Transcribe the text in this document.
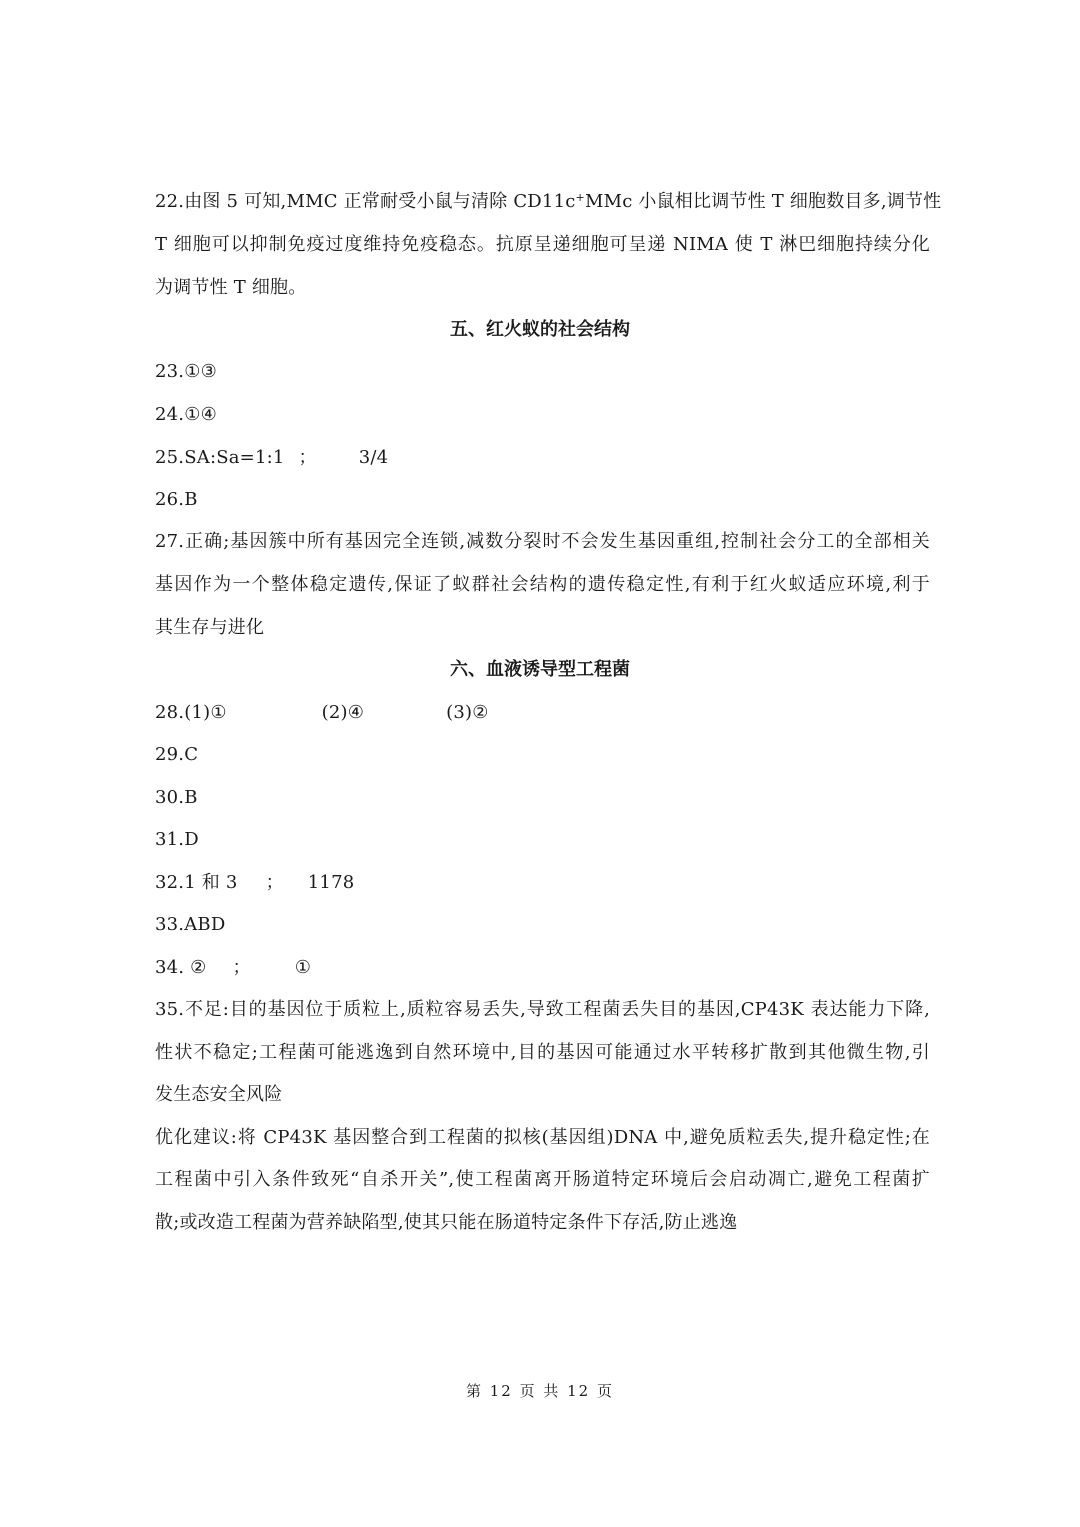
22.由图 5 可知,MMC 正常耐受小鼠与清除 CD11c+MMc 小鼠相比调节性 T 细胞数目多,调节性
T 细胞可以抑制免疫过度维持免疫稳态。抗原呈递细胞可呈递 NIMA 使 T 淋巴细胞持续分化
为调节性 T 细胞。
五、红火蚁的社会结构
23.①③
24.①④
25.SA:Sa=1:1 ； 3/4
26.B
27.正确;基因簇中所有基因完全连锁,减数分裂时不会发生基因重组,控制社会分工的全部相关
基因作为一个整体稳定遗传,保证了蚁群社会结构的遗传稳定性,有利于红火蚁适应环境,利于
其生存与进化
六、血液诱导型工程菌
28.(1)①	(2)④	(3)②
29.C
30.B
31.D
32.1 和 3 ； 1178
33.ABD
34. ② ； ①
35.不足:目的基因位于质粒上,质粒容易丢失,导致工程菌丢失目的基因,CP43K 表达能力下降,
性状不稳定;工程菌可能逃逸到自然环境中,目的基因可能通过水平转移扩散到其他微生物,引
发生态安全风险
优化建议:将 CP43K 基因整合到工程菌的拟核(基因组)DNA 中,避免质粒丢失,提升稳定性;在
工程菌中引入条件致死“自杀开关”,使工程菌离开肠道特定环境后会启动凋亡,避免工程菌扩
散;或改造工程菌为营养缺陷型,使其只能在肠道特定条件下存活,防止逃逸
第 12 页 共 12 页
